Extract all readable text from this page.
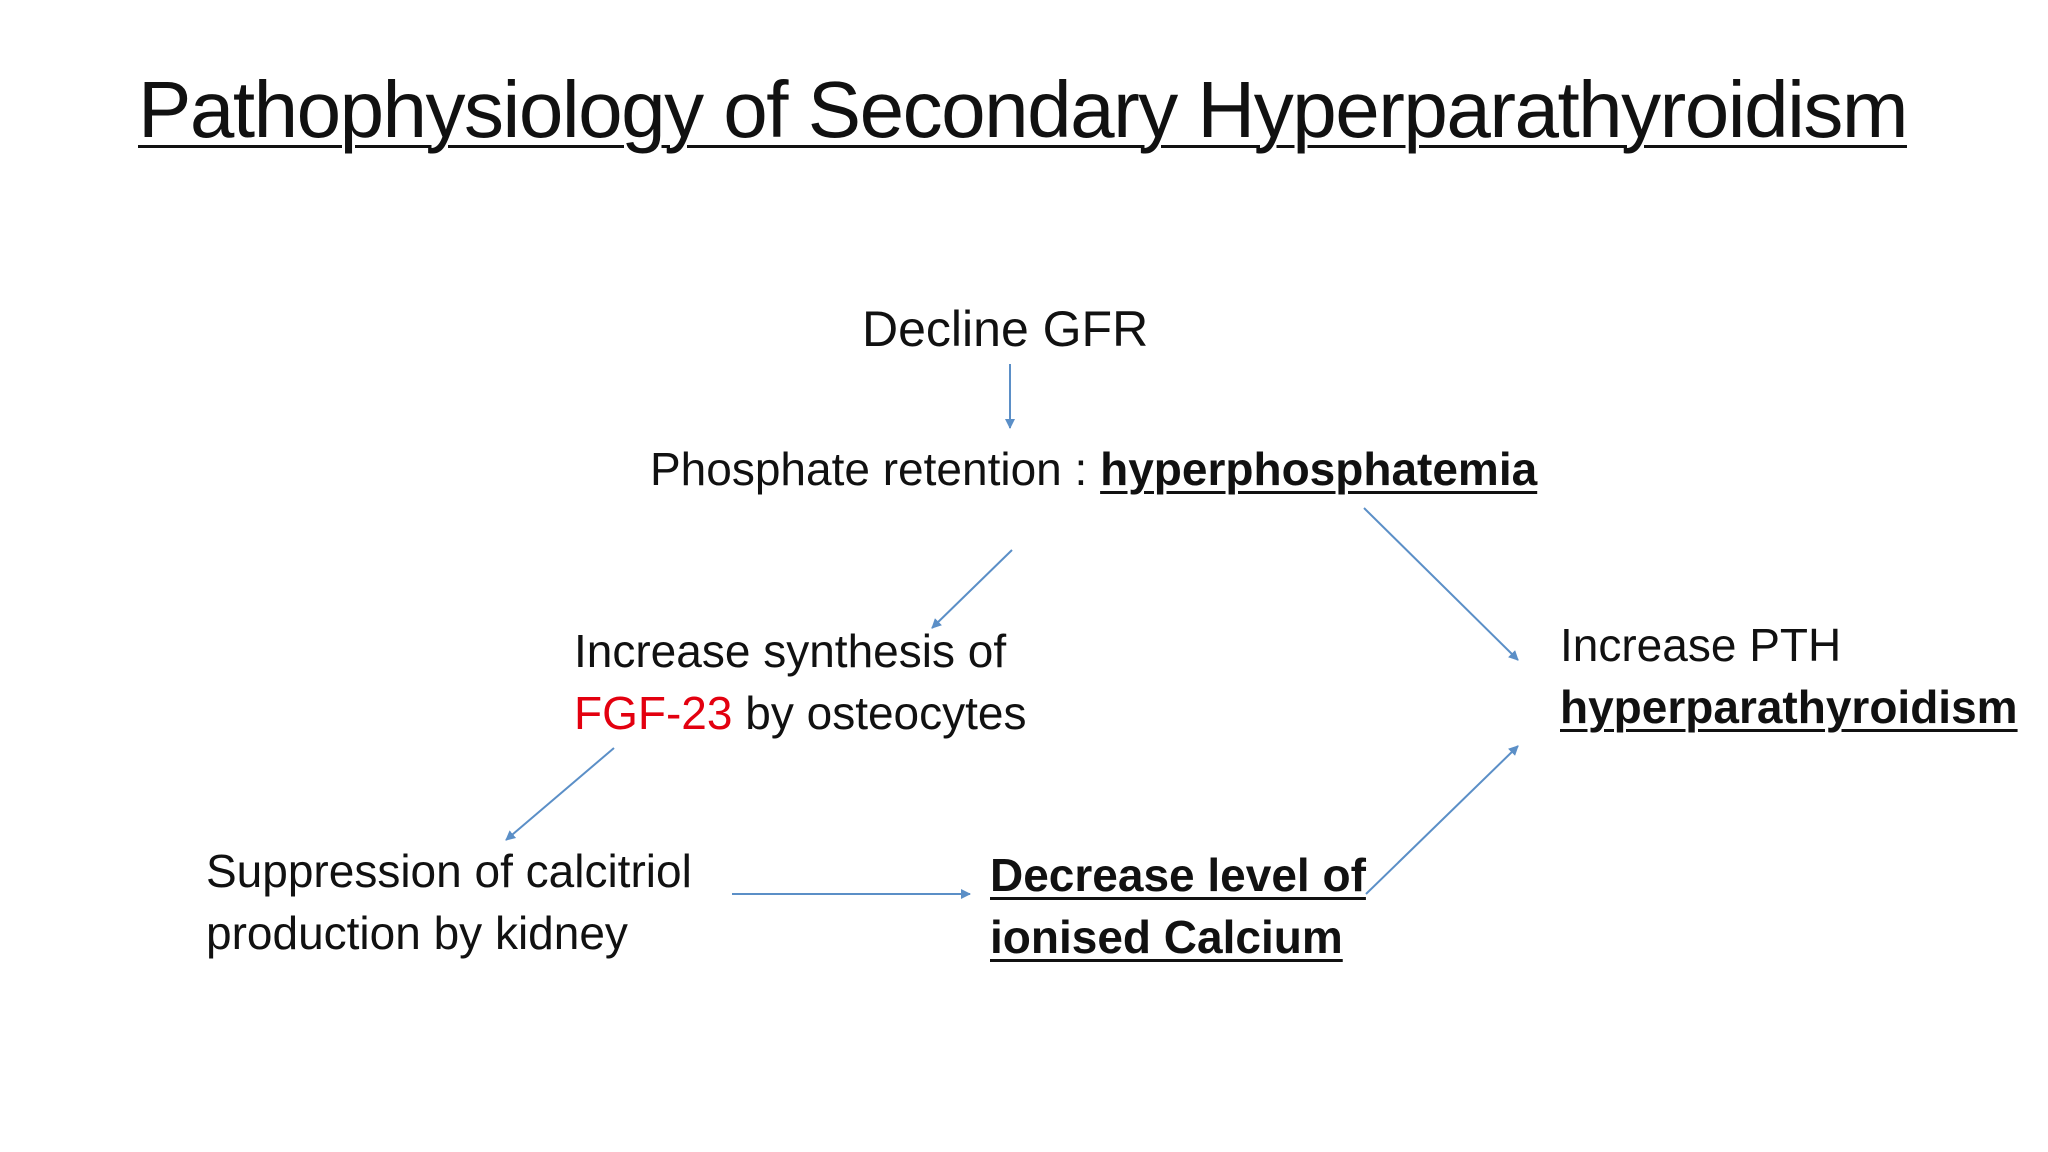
Pathophysiology of Secondary Hyperparathyroidism
Decline GFR
Phosphate retention : hyperphosphatemia
Increase synthesis of
FGF-23 by osteocytes
Suppression of calcitriol
production by kidney
Decrease level of
ionised Calcium
Increase PTH
hyperparathyroidism
